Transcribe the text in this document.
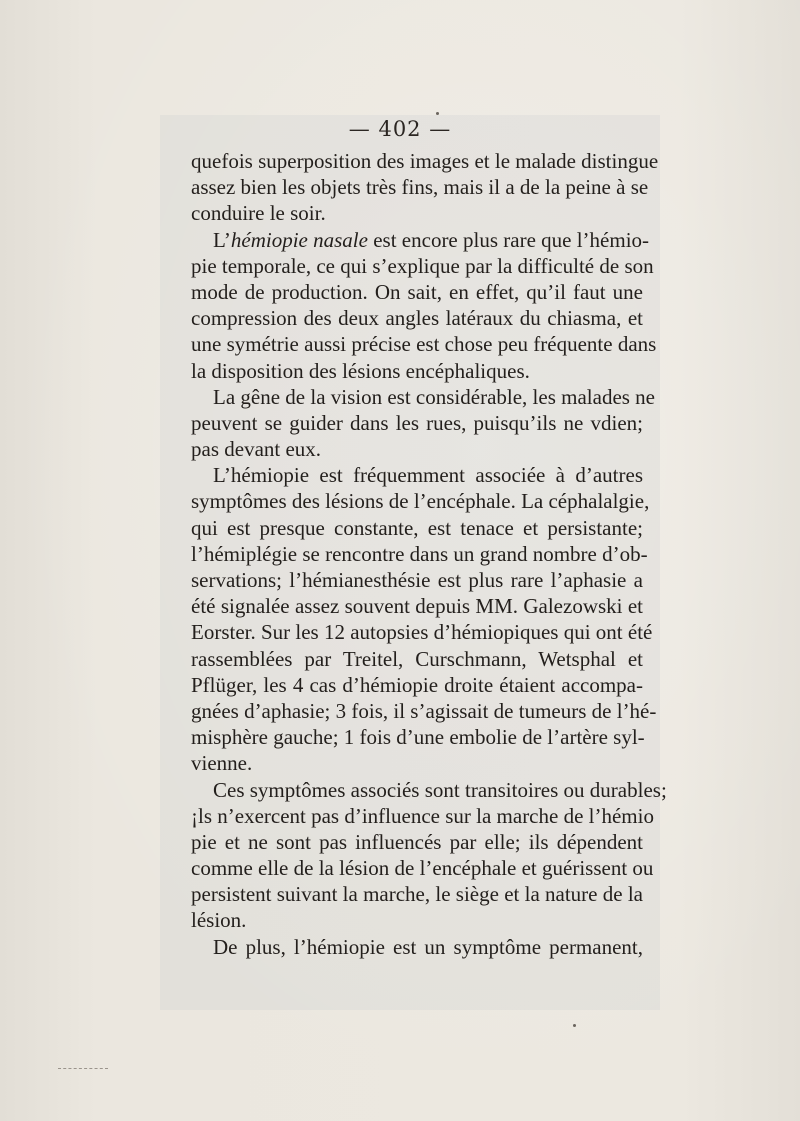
— 402 —
quefois superposition des images et le malade distingue
assez bien les objets très fins, mais il a de la peine à se
conduire le soir.
L’hémiopie nasale est encore plus rare que l’hémio-
pie temporale, ce qui s’explique par la difficulté de son
mode de production. On sait, en effet, qu’il faut une
compression des deux angles latéraux du chiasma, et
une symétrie aussi précise est chose peu fréquente dans
la disposition des lésions encéphaliques.
La gêne de la vision est considérable, les malades ne
peuvent se guider dans les rues, puisqu’ils ne vdien;
pas devant eux.
L’hémiopie est fréquemment associée à d’autres
symptômes des lésions de l’encéphale. La céphalalgie,
qui est presque constante, est tenace et persistante;
l’hémiplégie se rencontre dans un grand nombre d’ob-
servations; l’hémianesthésie est plus rare l’aphasie a
été signalée assez souvent depuis MM. Galezowski et
Eorster. Sur les 12 autopsies d’hémiopiques qui ont été
rassemblées par Treitel, Curschmann, Wetsphal et
Pflüger, les 4 cas d’hémiopie droite étaient accompa-
gnées d’aphasie; 3 fois, il s’agissait de tumeurs de l’hé-
misphère gauche; 1 fois d’une embolie de l’artère syl-
vienne.
Ces symptômes associés sont transitoires ou durables;
¡ls n’exercent pas d’influence sur la marche de l’hémio
pie et ne sont pas influencés par elle; ils dépendent
comme elle de la lésion de l’encéphale et guérissent ou
persistent suivant la marche, le siège et la nature de la
lésion.
De plus, l’hémiopie est un symptôme permanent,
